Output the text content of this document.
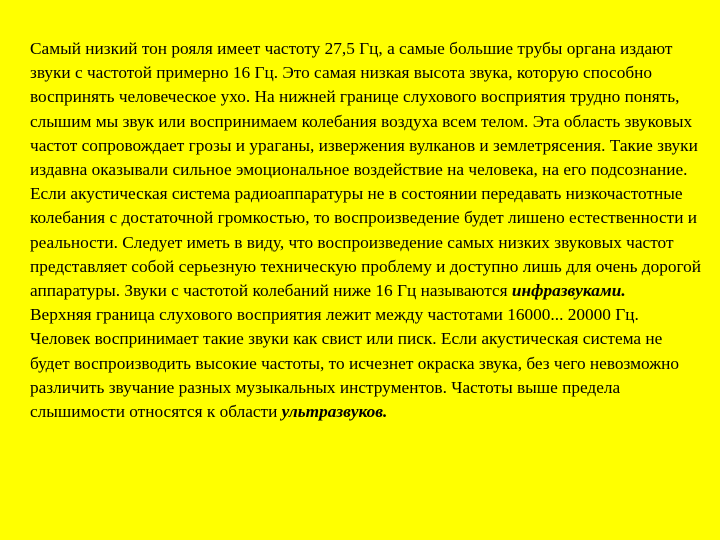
Самый низкий тон рояля имеет частоту 27,5 Гц, а самые большие трубы органа издают звуки с частотой примерно 16 Гц. Это самая низкая высота звука, которую способно воспринять человеческое ухо. На нижней границе слухового восприятия трудно понять, слышим мы звук или воспринимаем колебания воздуха всем телом. Эта область звуковых частот сопровождает грозы и ураганы, извержения вулканов и землетрясения. Такие звуки издавна оказывали сильное эмоциональное воздействие на человека, на его подсознание. Если акустическая система радиоаппаратуры не в состоянии передавать низкочастотные колебания с достаточной громкостью, то воспроизведение будет лишено естественности и реальности. Следует иметь в виду, что воспроизведение самых низких звуковых частот представляет собой серьезную техническую проблему и доступно лишь для очень дорогой аппаратуры. Звуки с частотой колебаний ниже 16 Гц называются инфразвуками.

Верхняя граница слухового восприятия лежит между частотами 16000... 20000 Гц. Человек воспринимает такие звуки как свист или писк. Если акустическая система не будет воспроизводить высокие частоты, то исчезнет окраска звука, без чего невозможно различить звучание разных музыкальных инструментов. Частоты выше предела слышимости относятся к области ультразвуков.
